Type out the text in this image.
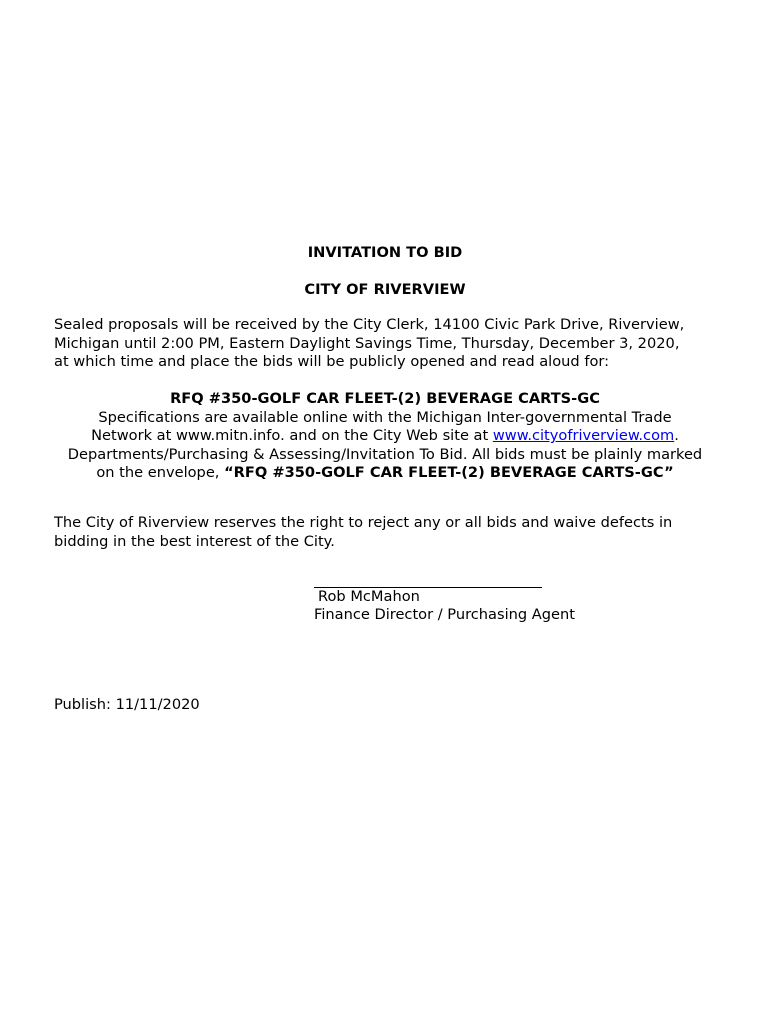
INVITATION TO BID
CITY OF RIVERVIEW
Sealed proposals will be received by the City Clerk, 14100 Civic Park Drive, Riverview,
Michigan until 2:00 PM, Eastern Daylight Savings Time, Thursday, December 3, 2020,
at which time and place the bids will be publicly opened and read aloud for:
RFQ #350-GOLF CAR FLEET-(2) BEVERAGE CARTS-GC
Specifications are available online with the Michigan Inter-governmental Trade
Network at www.mitn.info. and on the City Web site at www.cityofriverview.com.
Departments/Purchasing & Assessing/Invitation To Bid. All bids must be plainly marked
on the envelope, “RFQ #350-GOLF CAR FLEET-(2) BEVERAGE CARTS-GC”
The City of Riverview reserves the right to reject any or all bids and waive defects in
bidding in the best interest of the City.
Rob McMahon
Finance Director / Purchasing Agent
Publish: 11/11/2020
